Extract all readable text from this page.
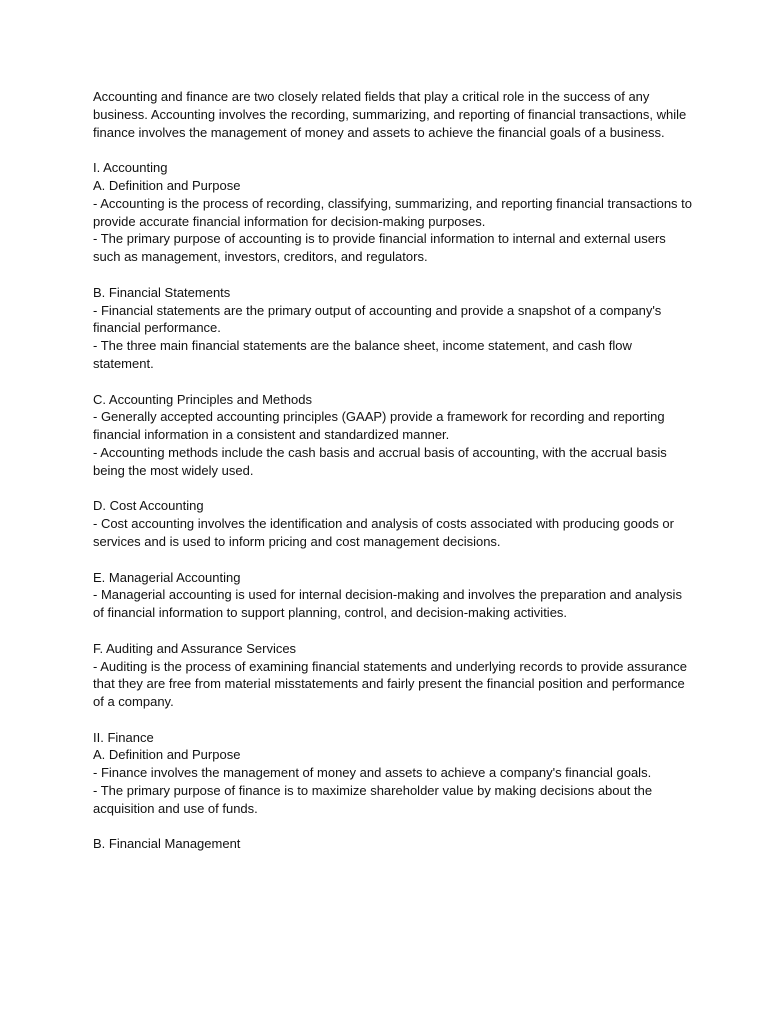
Accounting and finance are two closely related fields that play a critical role in the success of any business. Accounting involves the recording, summarizing, and reporting of financial transactions, while finance involves the management of money and assets to achieve the financial goals of a business.

I. Accounting
A. Definition and Purpose
- Accounting is the process of recording, classifying, summarizing, and reporting financial transactions to provide accurate financial information for decision-making purposes.
- The primary purpose of accounting is to provide financial information to internal and external users such as management, investors, creditors, and regulators.
B. Financial Statements
- Financial statements are the primary output of accounting and provide a snapshot of a company's financial performance.
- The three main financial statements are the balance sheet, income statement, and cash flow statement.
C. Accounting Principles and Methods
- Generally accepted accounting principles (GAAP) provide a framework for recording and reporting financial information in a consistent and standardized manner.
- Accounting methods include the cash basis and accrual basis of accounting, with the accrual basis being the most widely used.
D. Cost Accounting
- Cost accounting involves the identification and analysis of costs associated with producing goods or services and is used to inform pricing and cost management decisions.
E. Managerial Accounting
- Managerial accounting is used for internal decision-making and involves the preparation and analysis of financial information to support planning, control, and decision-making activities.
F. Auditing and Assurance Services
- Auditing is the process of examining financial statements and underlying records to provide assurance that they are free from material misstatements and fairly present the financial position and performance of a company.
II. Finance
A. Definition and Purpose
- Finance involves the management of money and assets to achieve a company's financial goals.
- The primary purpose of finance is to maximize shareholder value by making decisions about the acquisition and use of funds.
B. Financial Management
